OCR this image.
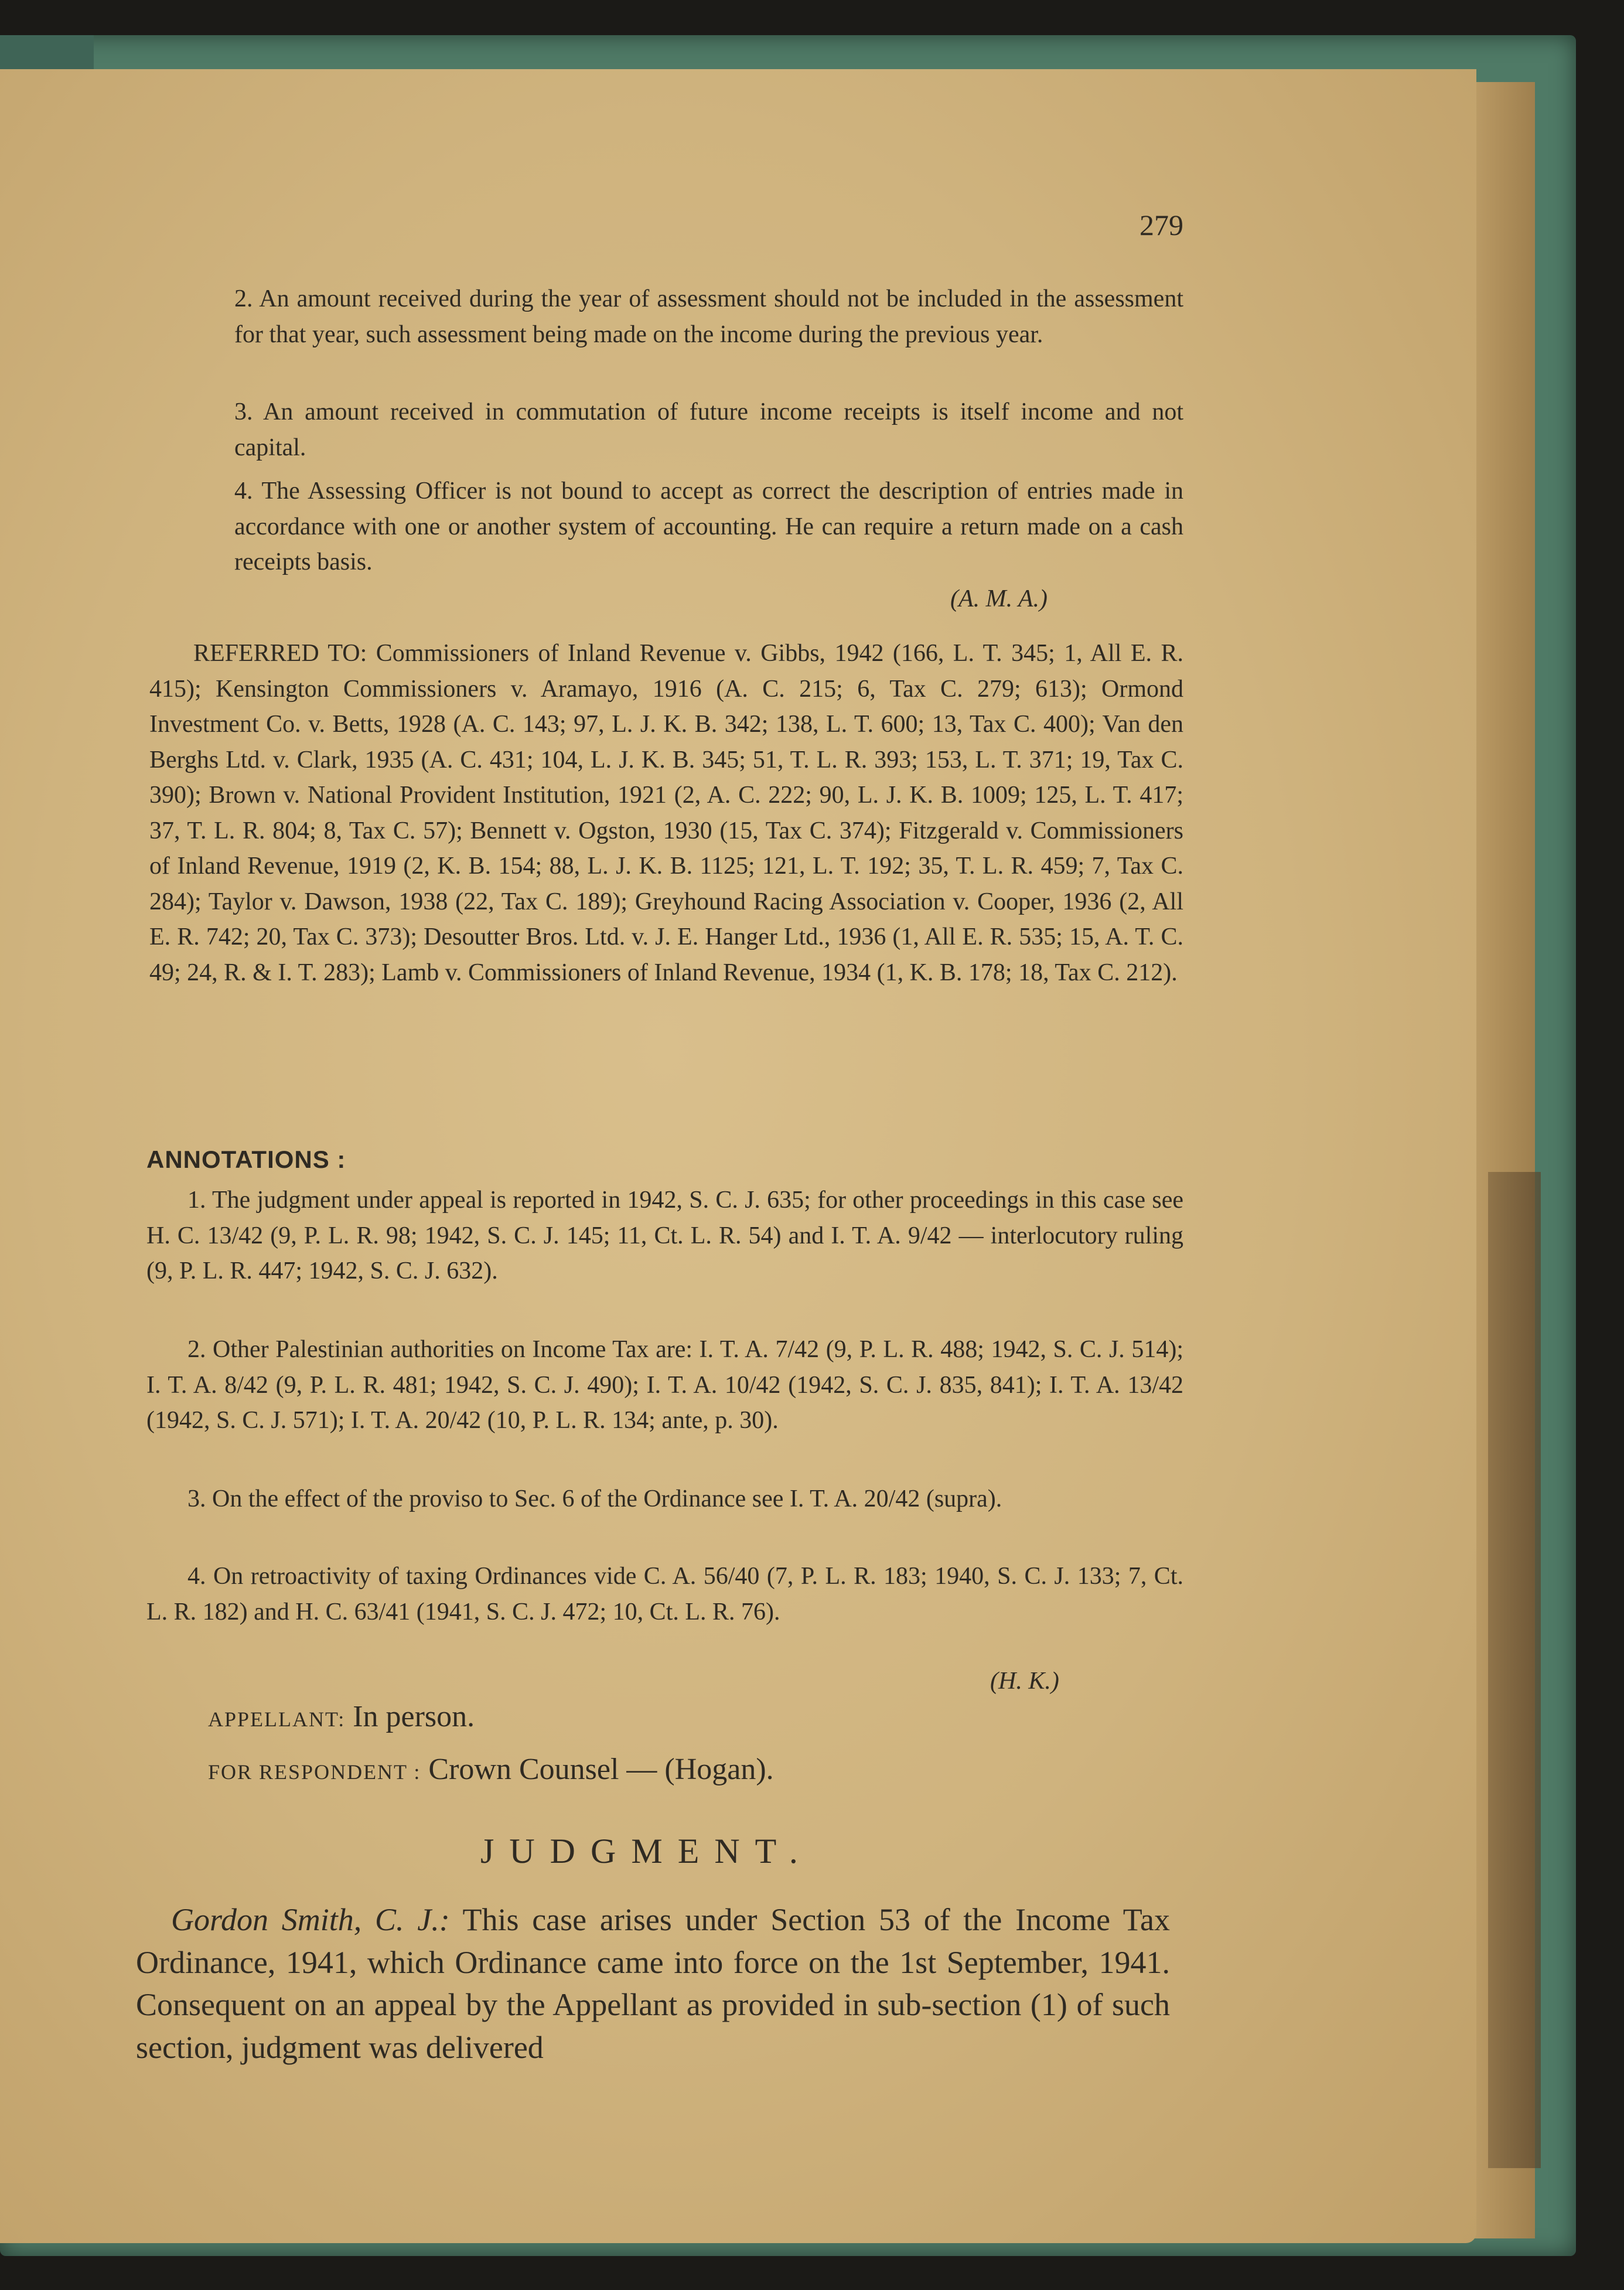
279
2. An amount received during the year of assessment should not be included in the assessment for that year, such assessment being made on the income during the previous year.
3. An amount received in commutation of future income receipts is itself income and not capital.
4. The Assessing Officer is not bound to accept as correct the description of entries made in accordance with one or another system of accounting. He can require a return made on a cash receipts basis.
(A. M. A.)
REFERRED TO: Commissioners of Inland Revenue v. Gibbs, 1942 (166, L. T. 345; 1, All E. R. 415); Kensington Commissioners v. Aramayo, 1916 (A. C. 215; 6, Tax C. 279; 613); Ormond Investment Co. v. Betts, 1928 (A. C. 143; 97, L. J. K. B. 342; 138, L. T. 600; 13, Tax C. 400); Van den Berghs Ltd. v. Clark, 1935 (A. C. 431; 104, L. J. K. B. 345; 51, T. L. R. 393; 153, L. T. 371; 19, Tax C. 390); Brown v. National Provident Institution, 1921 (2, A. C. 222; 90, L. J. K. B. 1009; 125, L. T. 417; 37, T. L. R. 804; 8, Tax C. 57); Bennett v. Ogston, 1930 (15, Tax C. 374); Fitzgerald v. Commissioners of Inland Revenue, 1919 (2, K. B. 154; 88, L. J. K. B. 1125; 121, L. T. 192; 35, T. L. R. 459; 7, Tax C. 284); Taylor v. Dawson, 1938 (22, Tax C. 189); Greyhound Racing Association v. Cooper, 1936 (2, All E. R. 742; 20, Tax C. 373); Desoutter Bros. Ltd. v. J. E. Hanger Ltd., 1936 (1, All E. R. 535; 15, A. T. C. 49; 24, R. & I. T. 283); Lamb v. Commissioners of Inland Revenue, 1934 (1, K. B. 178; 18, Tax C. 212).
ANNOTATIONS :
1. The judgment under appeal is reported in 1942, S. C. J. 635; for other proceedings in this case see H. C. 13/42 (9, P. L. R. 98; 1942, S. C. J. 145; 11, Ct. L. R. 54) and I. T. A. 9/42 — interlocutory ruling (9, P. L. R. 447; 1942, S. C. J. 632).
2. Other Palestinian authorities on Income Tax are: I. T. A. 7/42 (9, P. L. R. 488; 1942, S. C. J. 514); I. T. A. 8/42 (9, P. L. R. 481; 1942, S. C. J. 490); I. T. A. 10/42 (1942, S. C. J. 835, 841); I. T. A. 13/42 (1942, S. C. J. 571); I. T. A. 20/42 (10, P. L. R. 134; ante, p. 30).
3. On the effect of the proviso to Sec. 6 of the Ordinance see I. T. A. 20/42 (supra).
4. On retroactivity of taxing Ordinances vide C. A. 56/40 (7, P. L. R. 183; 1940, S. C. J. 133; 7, Ct. L. R. 182) and H. C. 63/41 (1941, S. C. J. 472; 10, Ct. L. R. 76).
(H. K.)
APPELLANT: In person.
FOR RESPONDENT : Crown Counsel — (Hogan).
JUDGMENT.
Gordon Smith, C. J.: This case arises under Section 53 of the Income Tax Ordinance, 1941, which Ordinance came into force on the 1st September, 1941. Consequent on an appeal by the Appellant as provided in sub-section (1) of such section, judgment was delivered
